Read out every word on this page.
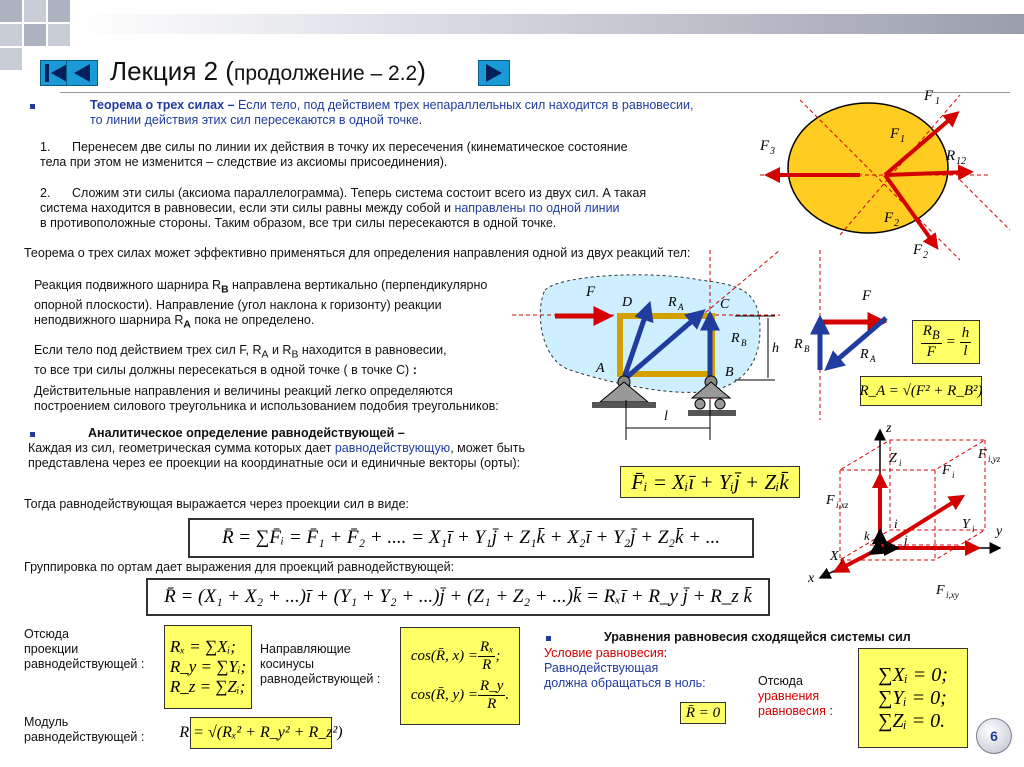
Лекция 2 (продолжение – 2.2)
Теорема о трех силах – Если тело, под действием трех непараллельных сил находится в равновесии,
то линии действия этих сил пересекаются в одной точке.
1. Перенесем две силы по линии их действия в точку их пересечения (кинематическое состояние
тела при этом не изменится – следствие из аксиомы присоединения).
2. Сложим эти силы (аксиома параллелограмма). Теперь система состоит всего из двух сил. А такая
система находится в равновесии, если эти силы равны между собой и направлены по одной линии
в противоположные стороны. Таким образом, все три силы пересекаются в одной точке.
Теорема о трех силах может эффективно применяться для определения направления одной из двух реакций тел:
Реакция подвижного шарнира $R_B$ направлена вертикально (перпендикулярно
опорной плоскости). Направление (угол наклона к горизонту) реакции
неподвижного шарнира $R_A$ пока не определено.
Если тело под действием трех сил F, $R_A$ и $R_B$ находится в равновесии,
то все три силы должны пересекаться в одной точке ( в точке C) :
Действительные направления и величины реакций легко определяются
построением силового треугольника и использованием подобия треугольников:
Аналитическое определение равнодействующей –
Каждая из сил, геометрическая сумма которых дает равнодействующую, может быть
представлена через ее проекции на координатные оси и единичные векторы (орты):
F̄ᵢ = Xᵢī + Yᵢj̄ + Zᵢk̄
Тогда равнодействующая выражается через проекции сил в виде:
R̄ = ∑F̄ᵢ = F̄₁ + F̄₂ + .... = X₁ī + Y₁j̄ + Z₁k̄ + X₂ī + Y₂j̄ + Z₂k̄ + ...
Группировка по ортам дает выражения для проекций равнодействующей:
R̄ = (X₁ + X₂ + ...)ī + (Y₁ + Y₂ + ...)j̄ + (Z₁ + Z₂ + ...)k̄ = Rₓī + R_y j̄ + R_z k̄
Отсюда
проекции
равнодействующей :
Rₓ = ∑Xᵢ;
R_y = ∑Yᵢ;
R_z = ∑Zᵢ;
Направляющие
косинусы
равнодействующей :
cos(R̄, $x) = \frac{\text{Rₓ}}{R}$ ;
cos(R̄, $y) = \frac{R\_y}{R}$ .
Модуль
равнодействующей :	R = √(Rₓ² + R_y² + R_z²)
Уравнения равновесия сходящейся системы сил
Условие равновесия:
Равнодействующая
должна обращаться в ноль:
R̄ = 0
Отсюда
уравнения
равновесия :
∑Xᵢ = 0;
∑Yᵢ = 0;
∑Zᵢ = 0.
$\frac{R_B}{F} = \frac{h}{l}$
R_A = √(F² + R_B²)
F 1
F 1
F 3	R 12
F 2
F 2
F
D	C
A	B
R A
R B h
l
F
R B	R A
z
y
x
Z i
Y i
X i
F i
F i,yz
F i,xz
F i,xy
i
j
k
6
